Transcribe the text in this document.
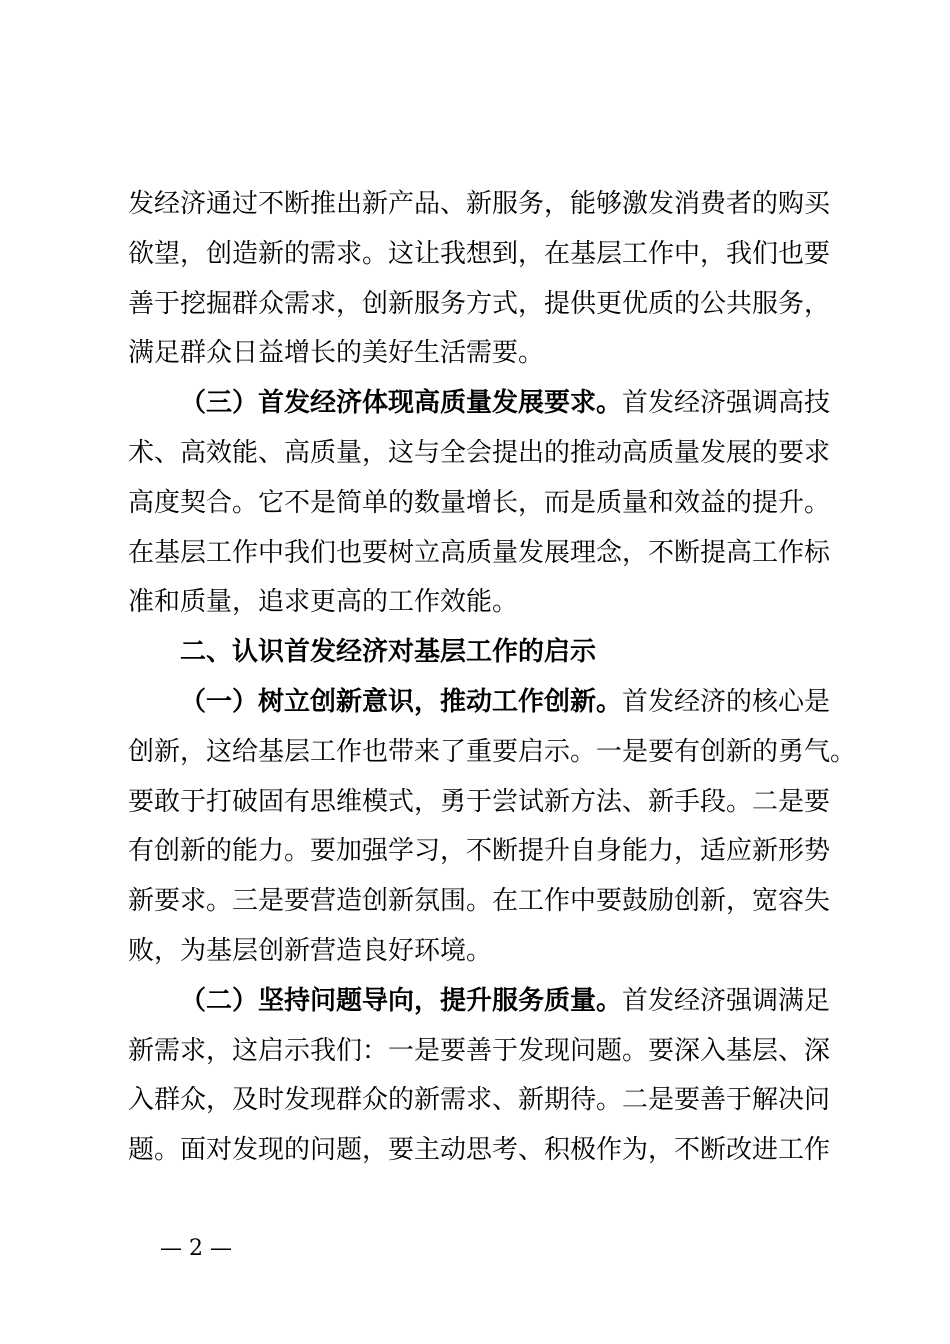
发经济通过不断推出新产品、新服务，能够激发消费者的购买
欲望，创造新的需求。这让我想到，在基层工作中，我们也要
善于挖掘群众需求，创新服务方式，提供更优质的公共服务，
满足群众日益增长的美好生活需要。
（三）首发经济体现高质量发展要求。首发经济强调高技
术、高效能、高质量，这与全会提出的推动高质量发展的要求
高度契合。它不是简单的数量增长，而是质量和效益的提升。
在基层工作中我们也要树立高质量发展理念，不断提高工作标
准和质量，追求更高的工作效能。
二、认识首发经济对基层工作的启示
（一）树立创新意识，推动工作创新。首发经济的核心是
创新，这给基层工作也带来了重要启示。一是要有创新的勇气。
要敢于打破固有思维模式，勇于尝试新方法、新手段。二是要
有创新的能力。要加强学习，不断提升自身能力，适应新形势
新要求。三是要营造创新氛围。在工作中要鼓励创新，宽容失
败，为基层创新营造良好环境。
（二）坚持问题导向，提升服务质量。首发经济强调满足
新需求，这启示我们：一是要善于发现问题。要深入基层、深
入群众，及时发现群众的新需求、新期待。二是要善于解决问
题。面对发现的问题，要主动思考、积极作为，不断改进工作
— 2 —
